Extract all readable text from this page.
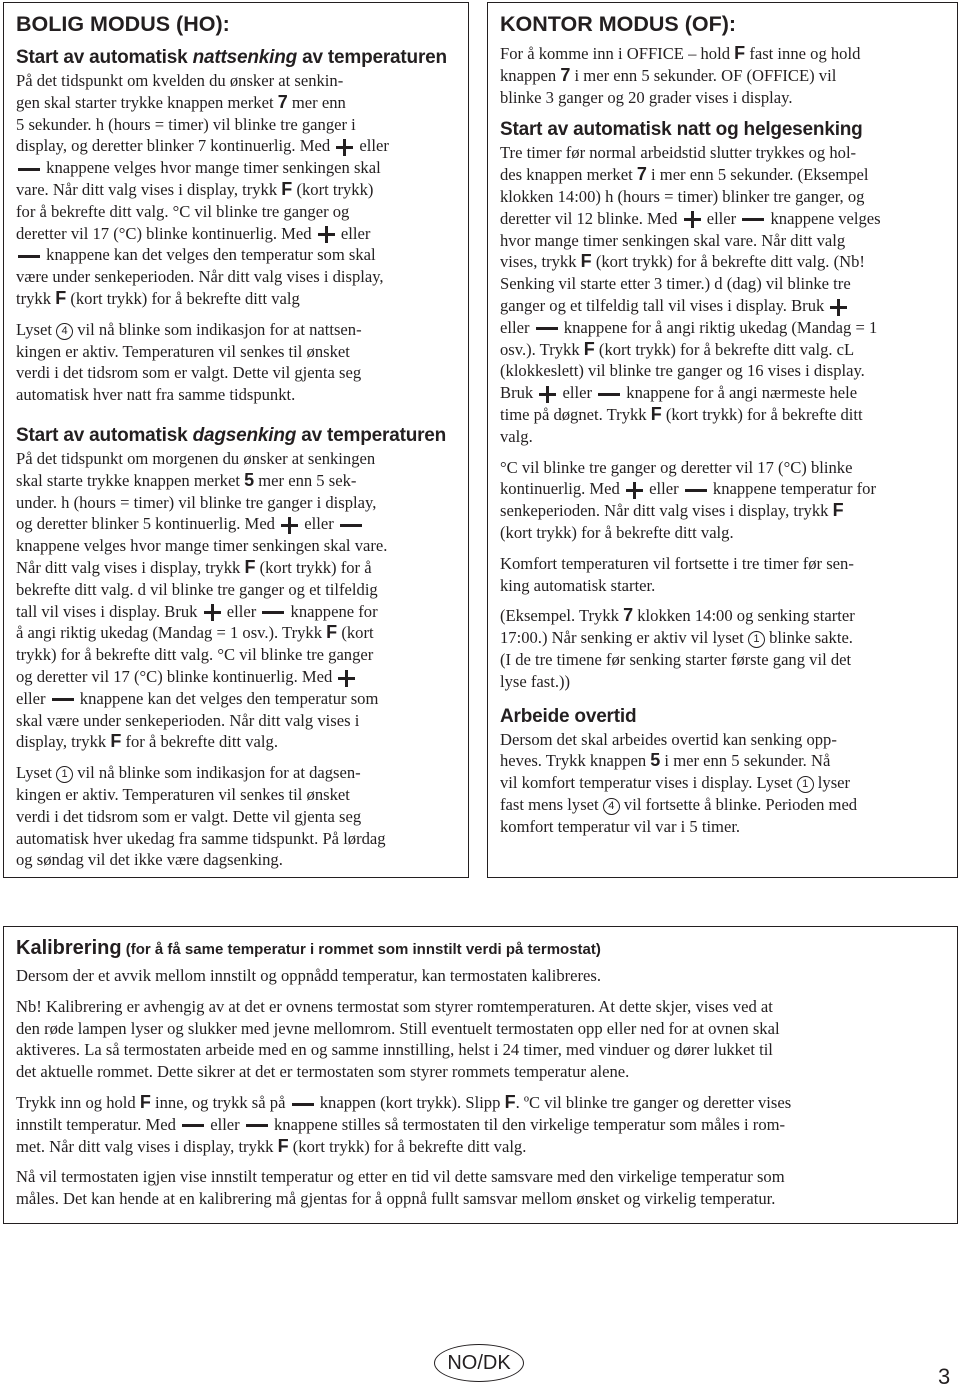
BOLIG MODUS (HO):

Start av automatisk nattsenking av temperaturen

På det tidspunkt om kvelden du ønsker at senkin-
gen skal starter trykke knappen merket 7 mer enn
5 sekunder. h (hours = timer) vil blinke tre ganger i
display, og deretter blinker 7 kontinuerlig. Med  eller
knappene velges hvor mange timer senkingen skal
vare. Når ditt valg vises i display, trykk F (kort trykk)
for å bekrefte ditt valg. °C vil blinke tre ganger og
deretter vil 17 (°C) blinke kontinuerlig. Med  eller
knappene kan det velges den temperatur som skal
være under senkeperioden. Når ditt valg vises i display,
trykk F (kort trykk) for å bekrefte ditt valg
Lyset 4 vil nå blinke som indikasjon for at nattsen-
kingen er aktiv. Temperaturen vil senkes til ønsket
verdi i det tidsrom som er valgt. Dette vil gjenta seg
automatisk hver natt fra samme tidspunkt.

Start av automatisk dagsenking av temperaturen

På det tidspunkt om morgenen du ønsker at senkingen
skal starte trykke knappen merket 5 mer enn 5 sek-
under. h (hours = timer) vil blinke tre ganger i display,
og deretter blinker 5 kontinuerlig. Med  eller
knappene velges hvor mange timer senkingen skal vare.
Når ditt valg vises i display, trykk F (kort trykk) for å
bekrefte ditt valg. d vil blinke tre ganger og et tilfeldig
tall vil vises i display. Bruk  eller  knappene for
å angi riktig ukedag (Mandag = 1 osv.). Trykk F (kort
trykk) for å bekrefte ditt valg. °C vil blinke tre ganger
og deretter vil 17 (°C) blinke kontinuerlig. Med
eller  knappene kan det velges den temperatur som
skal være under senkeperioden. Når ditt valg vises i
display, trykk F for å bekrefte ditt valg.
Lyset 1 vil nå blinke som indikasjon for at dagsen-
kingen er aktiv. Temperaturen vil senkes til ønsket
verdi i det tidsrom som er valgt. Dette vil gjenta seg
automatisk hver ukedag fra samme tidspunkt. På lørdag
og søndag vil det ikke være dagsenking.

KONTOR MODUS (OF):

For å komme inn i OFFICE – hold F fast inne og hold
knappen 7 i mer enn 5 sekunder. OF (OFFICE) vil
blinke 3 ganger og 20 grader vises i display.

Start av automatisk natt og helgesenking

Tre timer før normal arbeidstid slutter trykkes og hol-
des knappen merket 7 i mer enn 5 sekunder. (Eksempel
klokken 14:00) h (hours = timer) blinker tre ganger, og
deretter vil 12 blinke. Med  eller  knappene velges
hvor mange timer senkingen skal vare. Når ditt valg
vises, trykk F (kort trykk) for å bekrefte ditt valg. (Nb!
Senking vil starte etter 3 timer.) d (dag) vil blinke tre
ganger og et tilfeldig tall vil vises i display. Bruk
eller  knappene for å angi riktig ukedag (Mandag = 1
osv.). Trykk F (kort trykk) for å bekrefte ditt valg. cL
(klokkeslett) vil blinke tre ganger og 16 vises i display.
Bruk  eller  knappene for å angi nærmeste hele
time på døgnet. Trykk F (kort trykk) for å bekrefte ditt
valg.
°C vil blinke tre ganger og deretter vil 17 (°C) blinke
kontinuerlig. Med  eller  knappene temperatur for
senkeperioden. Når ditt valg vises i display, trykk F
(kort trykk) for å bekrefte ditt valg.
Komfort temperaturen vil fortsette i tre timer før sen-
king automatisk starter.
(Eksempel. Trykk 7 klokken 14:00 og senking starter
17:00.) Når senking er aktiv vil lyset 1 blinke sakte.
(I de tre timene før senking starter første gang vil det
lyse fast.))

Arbeide overtid

Dersom det skal arbeides overtid kan senking opp-
heves. Trykk knappen 5 i mer enn 5 sekunder. Nå
vil komfort temperatur vises i display. Lyset 1 lyser
fast mens lyset 4 vil fortsette å blinke. Perioden med
komfort temperatur vil var i 5 timer.

Kalibrering (for å få same temperatur i rommet som innstilt verdi på termostat)

Dersom der et avvik mellom innstilt og oppnådd temperatur, kan termostaten kalibreres.
Nb! Kalibrering er avhengig av at det er ovnens termostat som styrer romtemperaturen. At dette skjer, vises ved at
den røde lampen lyser og slukker med jevne mellomrom. Still eventuelt termostaten opp eller ned for at ovnen skal
aktiveres. La så termostaten arbeide med en og samme innstilling, helst i 24 timer, med vinduer og dører lukket til
det aktuelle rommet. Dette sikrer at det er termostaten som styrer rommets temperatur alene.
Trykk inn og hold F inne, og trykk så på  knappen (kort trykk). Slipp F. ºC vil blinke tre ganger og deretter vises
innstilt temperatur. Med  eller  knappene stilles så termostaten til den virkelige temperatur som måles i rom-
met. Når ditt valg vises i display, trykk F (kort trykk) for å bekrefte ditt valg.
Nå vil termostaten igjen vise innstilt temperatur og etter en tid vil dette samsvare med den virkelige temperatur som
måles. Det kan hende at en kalibrering må gjentas for å oppnå fullt samsvar mellom ønsket og virkelig temperatur.
NO/DK
3
